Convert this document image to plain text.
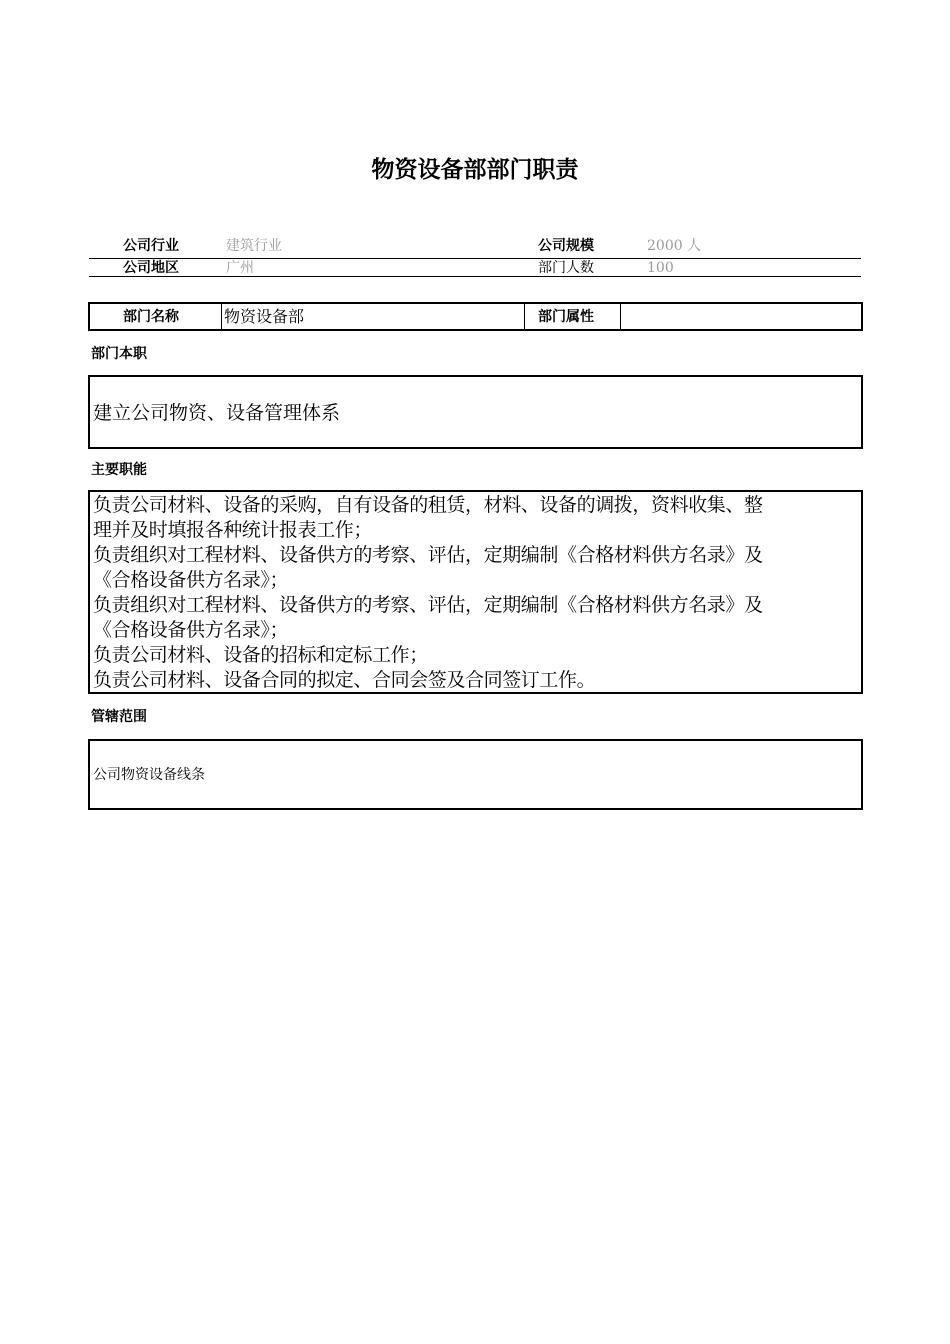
物资设备部部门职责
公司行业	建筑行业	公司规模	2000 人
公司地区	广州	部门人数	100
部门名称	物资设备部	部门属性
部门本职
建立公司物资、设备管理体系
主要职能
负责公司材料、设备的采购，自有设备的租赁，材料、设备的调拨，资料收集、整
理并及时填报各种统计报表工作；
负责组织对工程材料、设备供方的考察、评估，定期编制《合格材料供方名录》及
《合格设备供方名录》；
负责组织对工程材料、设备供方的考察、评估，定期编制《合格材料供方名录》及
《合格设备供方名录》；
负责公司材料、设备的招标和定标工作；
负责公司材料、设备合同的拟定、合同会签及合同签订工作。
管辖范围
公司物资设备线条
